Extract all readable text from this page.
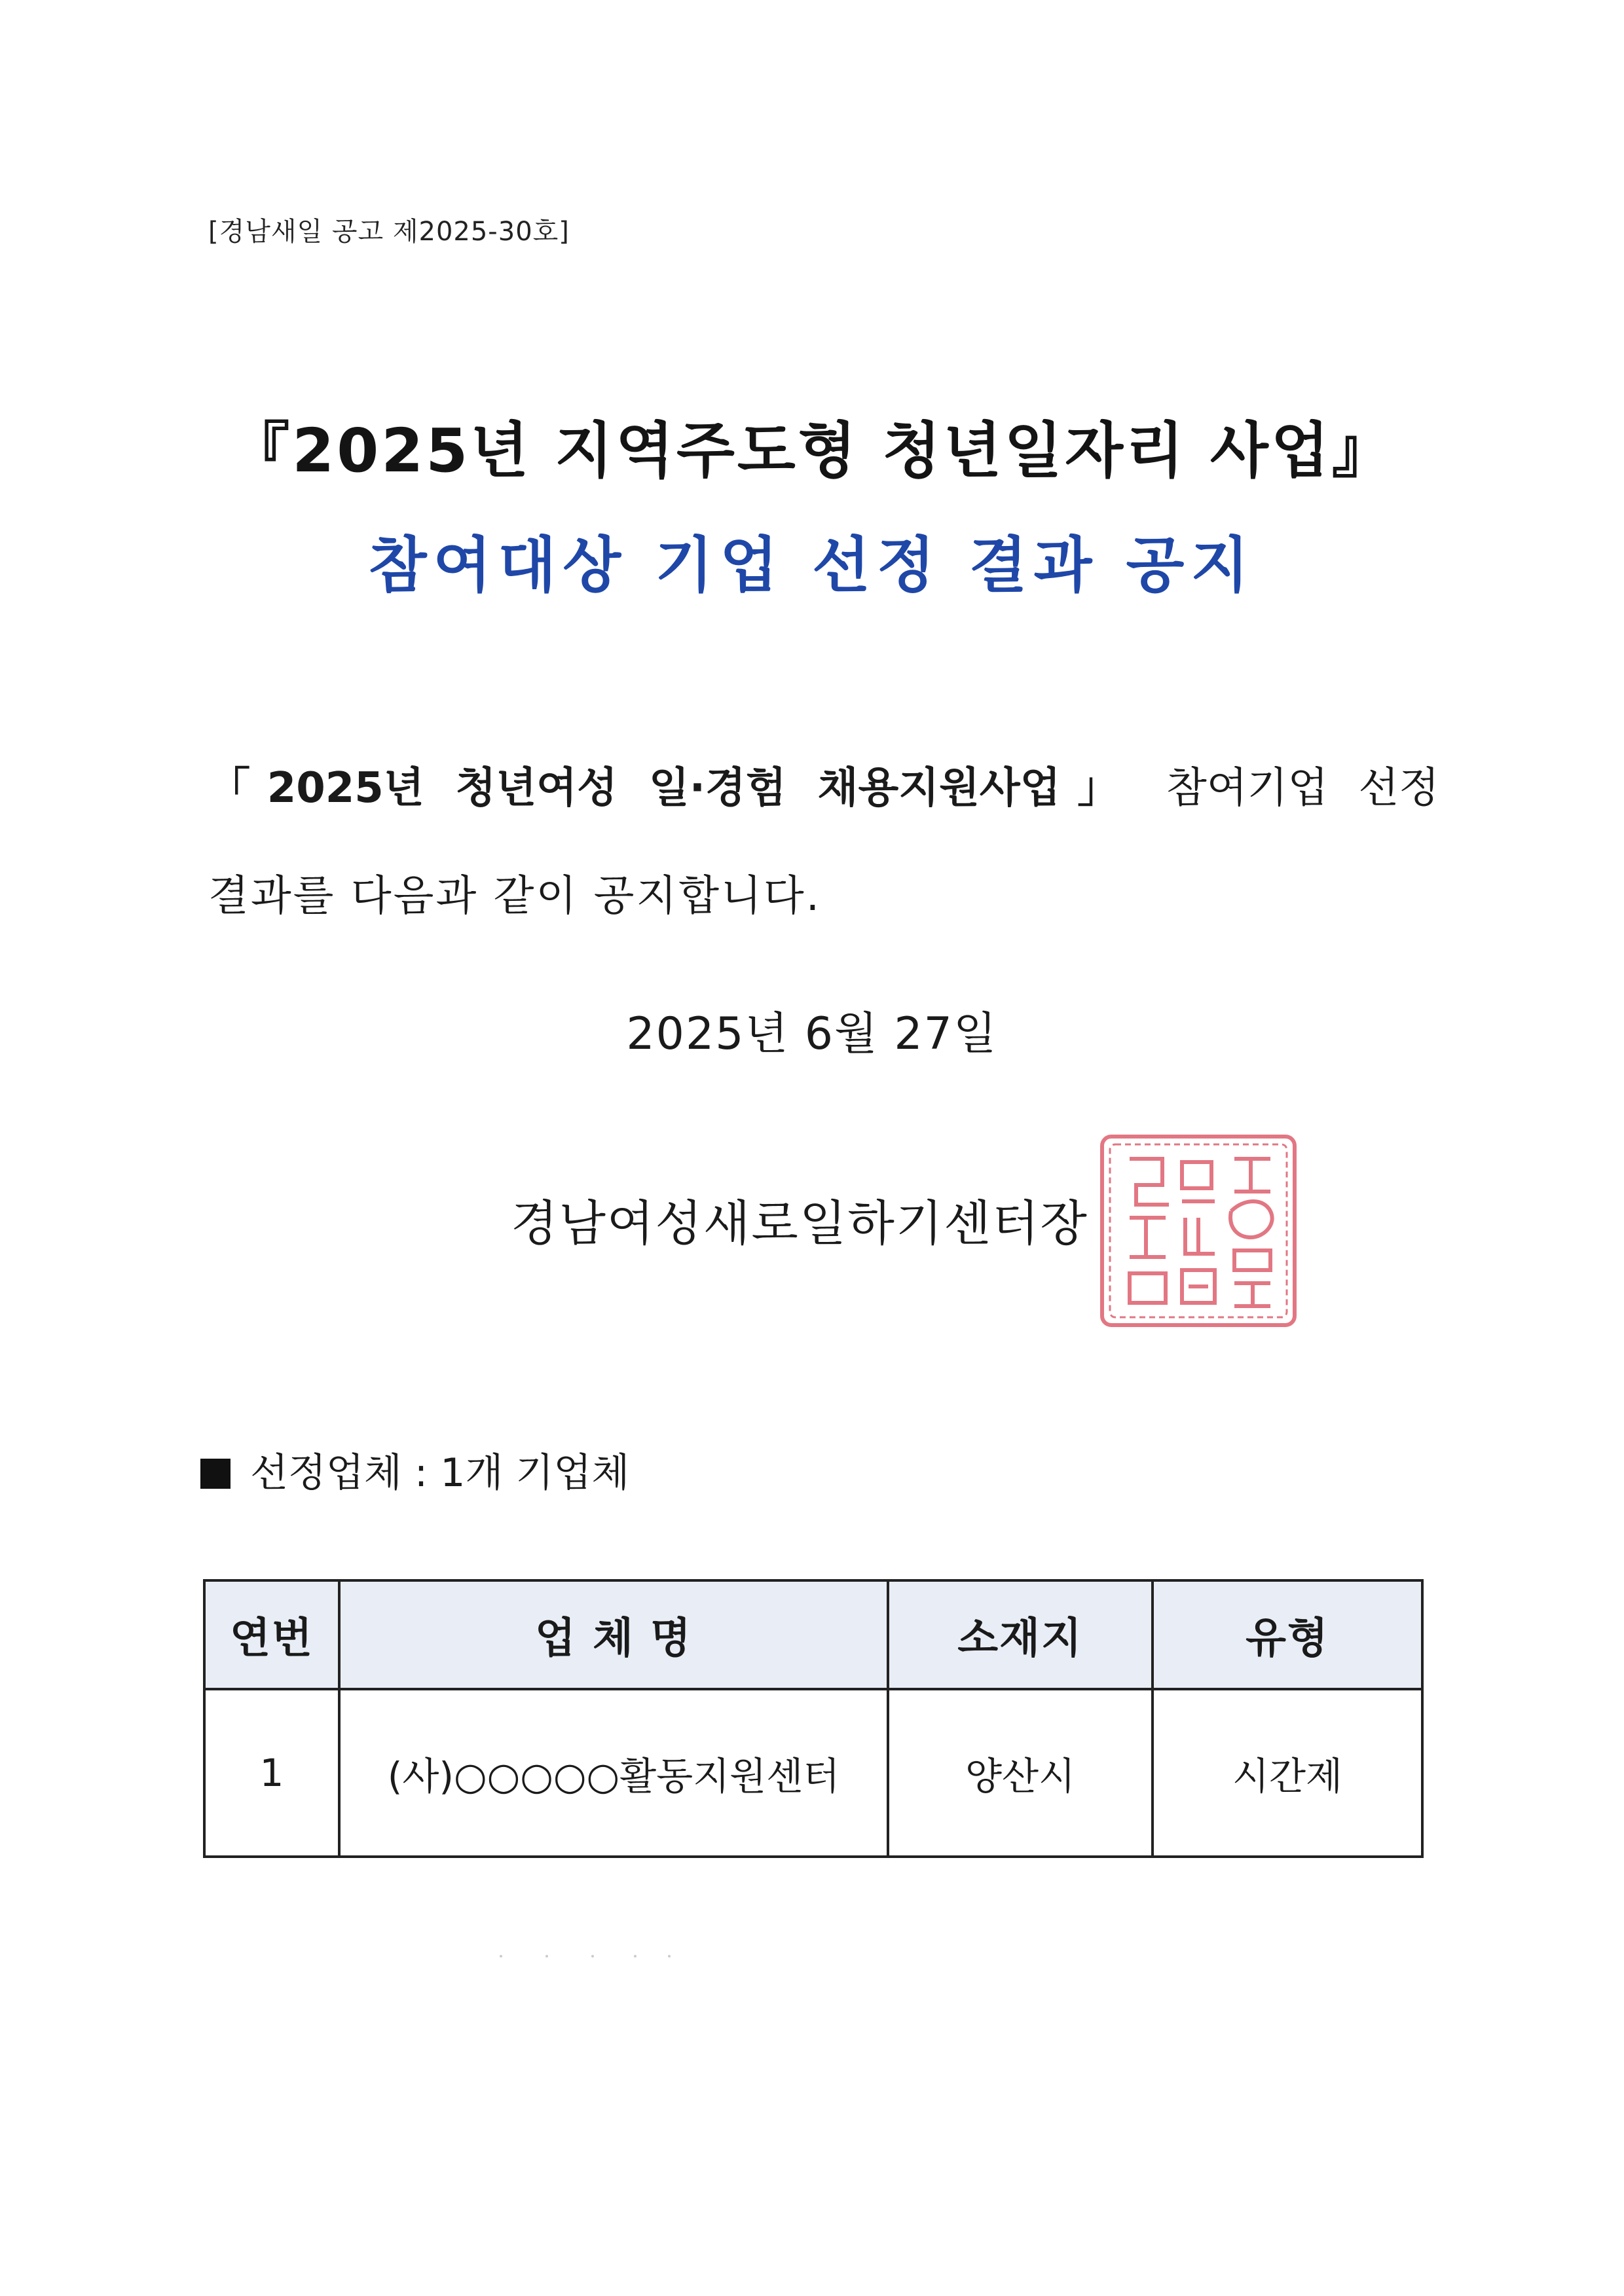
[경남새일 공고 제2025-30호]
『2025년 지역주도형 청년일자리 사업』
참여대상 기업 선정 결과 공지
「2025년 청년여성 일·경험 채용지원사업」 참여기업 선정
결과를 다음과 같이 공지합니다.
2025년 6월 27일
경남여성새로일하기센터장
선정업체 : 1개 기업체
연번	업 체 명	소재지	유형
1	(사)○○○○○활동지원센터	양산시	시간제
